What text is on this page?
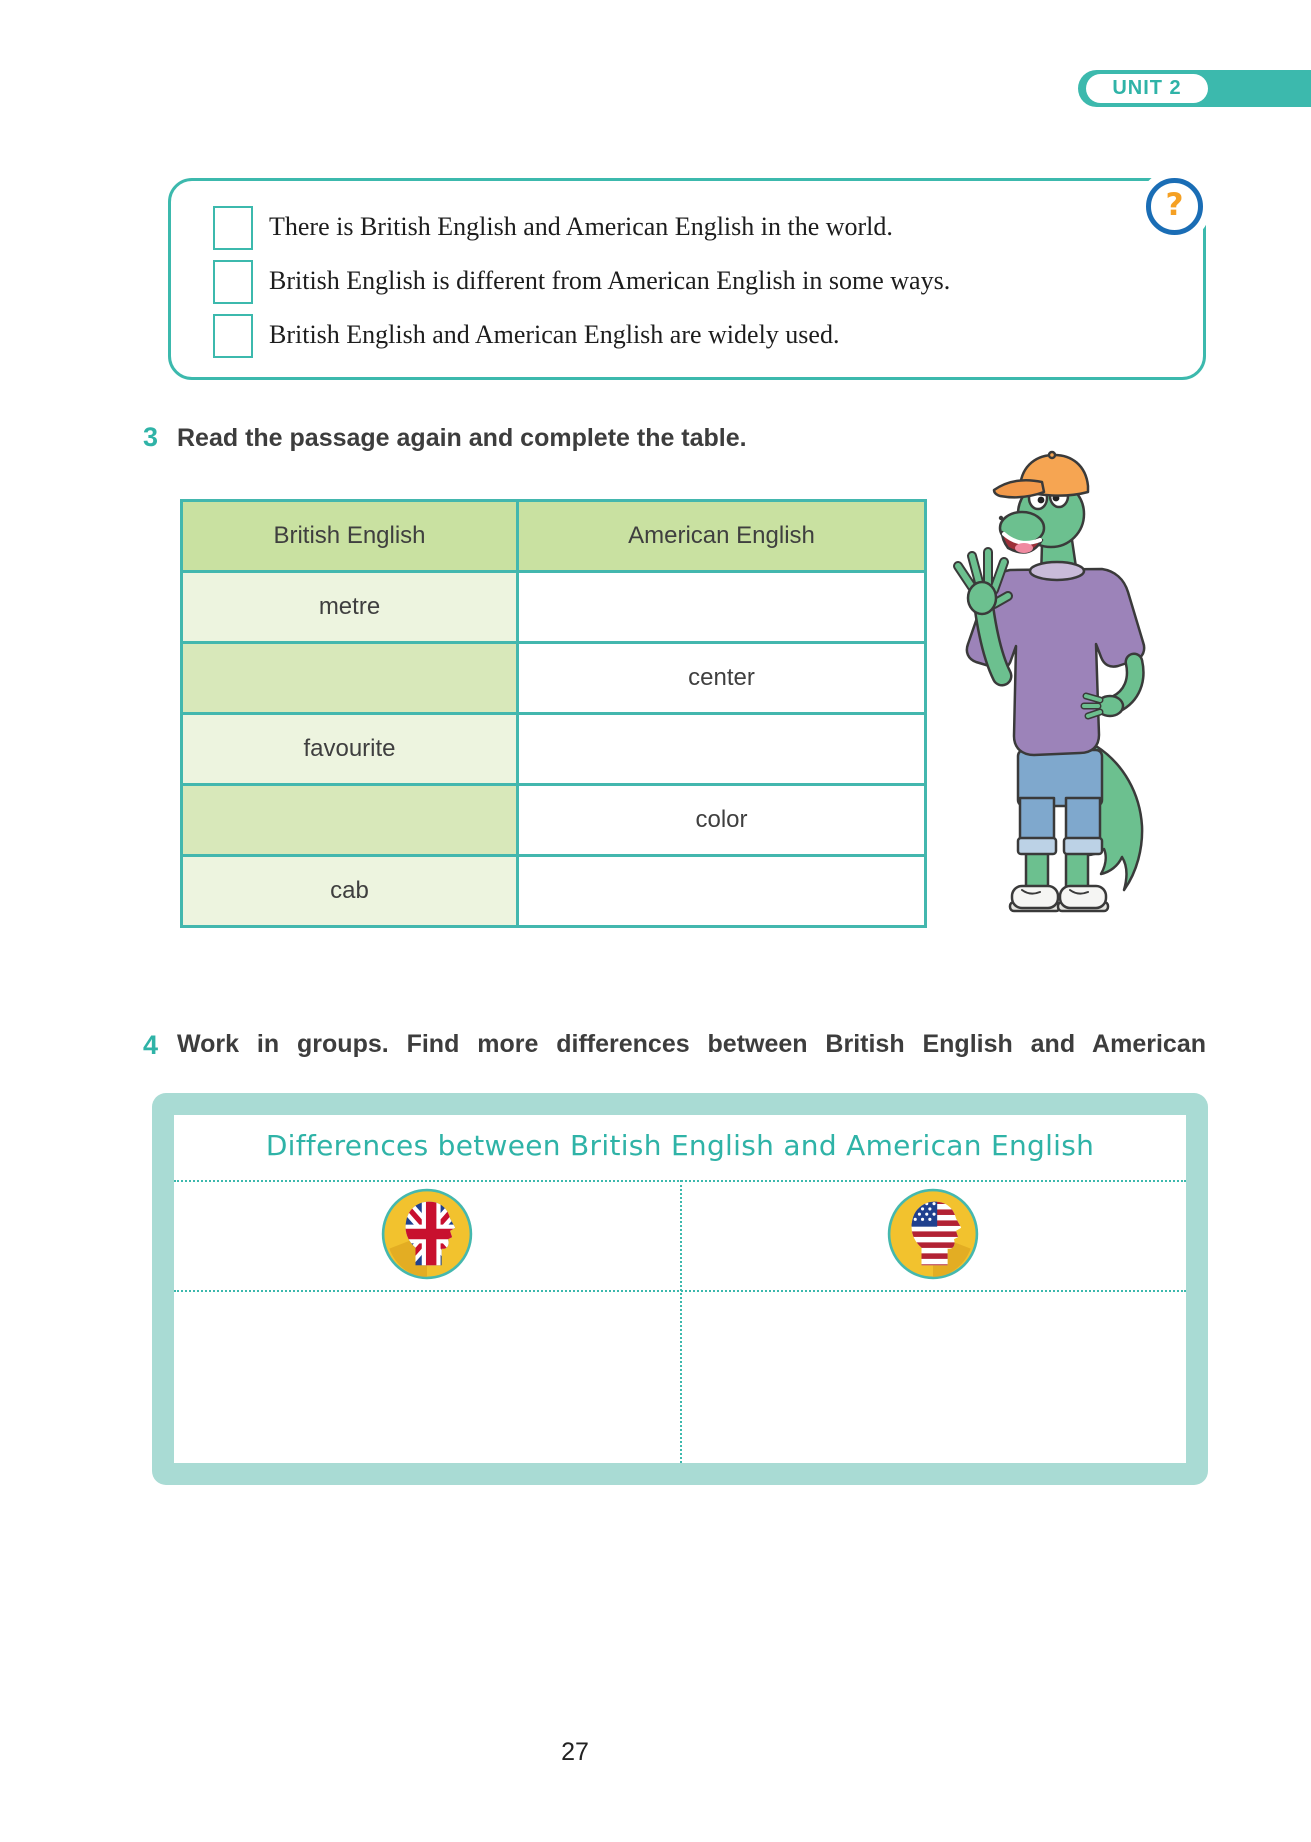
UNIT 2
There is British English and American English in the world.
British English is different from American English in some ways.
British English and American English are widely used.
?
3 Read the passage again and complete the table.
British English	American English
metre	
	center
favourite	
	color
cab	
4 Work in groups. Find more differences between British English and American
Differences between British English and American English
27
